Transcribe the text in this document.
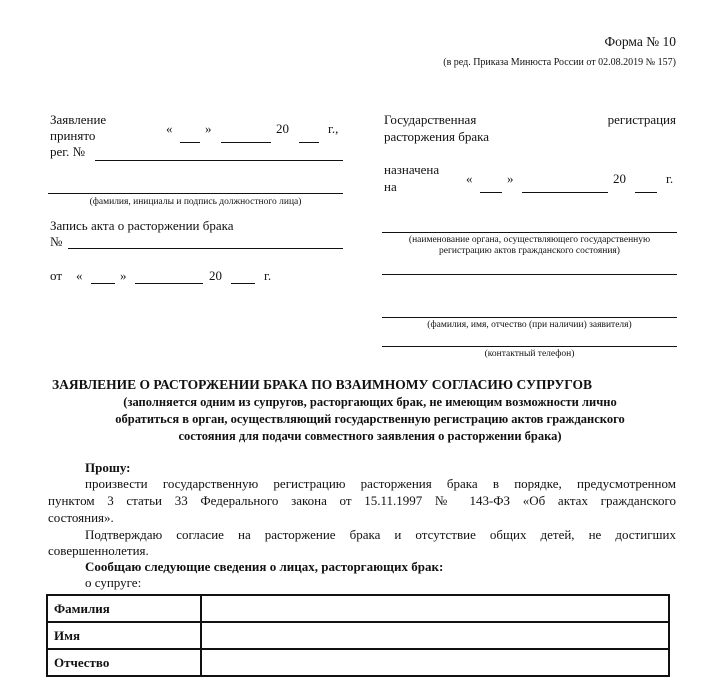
Форма № 10
(в ред. Приказа Минюста России от 02.08.2019 № 157)
Заявление
принято	«	»	20	г.,
рег. №
(фамилия, инициалы и подпись должностного лица)
Запись акта о расторжении брака
№
от «	»	20	г.
Государственная	регистрация
расторжения брака
назначена
на
«	»	20	г.
(наименование органа, осуществляющего государственную
регистрацию актов гражданского состояния)
(фамилия, имя, отчество (при наличии) заявителя)
(контактный телефон)
ЗАЯВЛЕНИЕ О РАСТОРЖЕНИИ БРАКА ПО ВЗАИМНОМУ СОГЛАСИЮ СУПРУГОВ
(заполняется одним из супругов, расторгающих брак, не имеющим возможности лично
обратиться в орган, осуществляющий государственную регистрацию актов гражданского
состояния для подачи совместного заявления о расторжении брака)
Прошу:
произвести государственную регистрацию расторжения брака в порядке, предусмотренном
пунктом 3 статьи 33 Федерального закона от 15.11.1997 № 143-ФЗ «Об актах гражданского
состояния».
Подтверждаю согласие на расторжение брака и отсутствие общих детей, не достигших
совершеннолетия.
Сообщаю следующие сведения о лицах, расторгающих брак:
о супруге:
Фамилия	
Имя	
Отчество	
